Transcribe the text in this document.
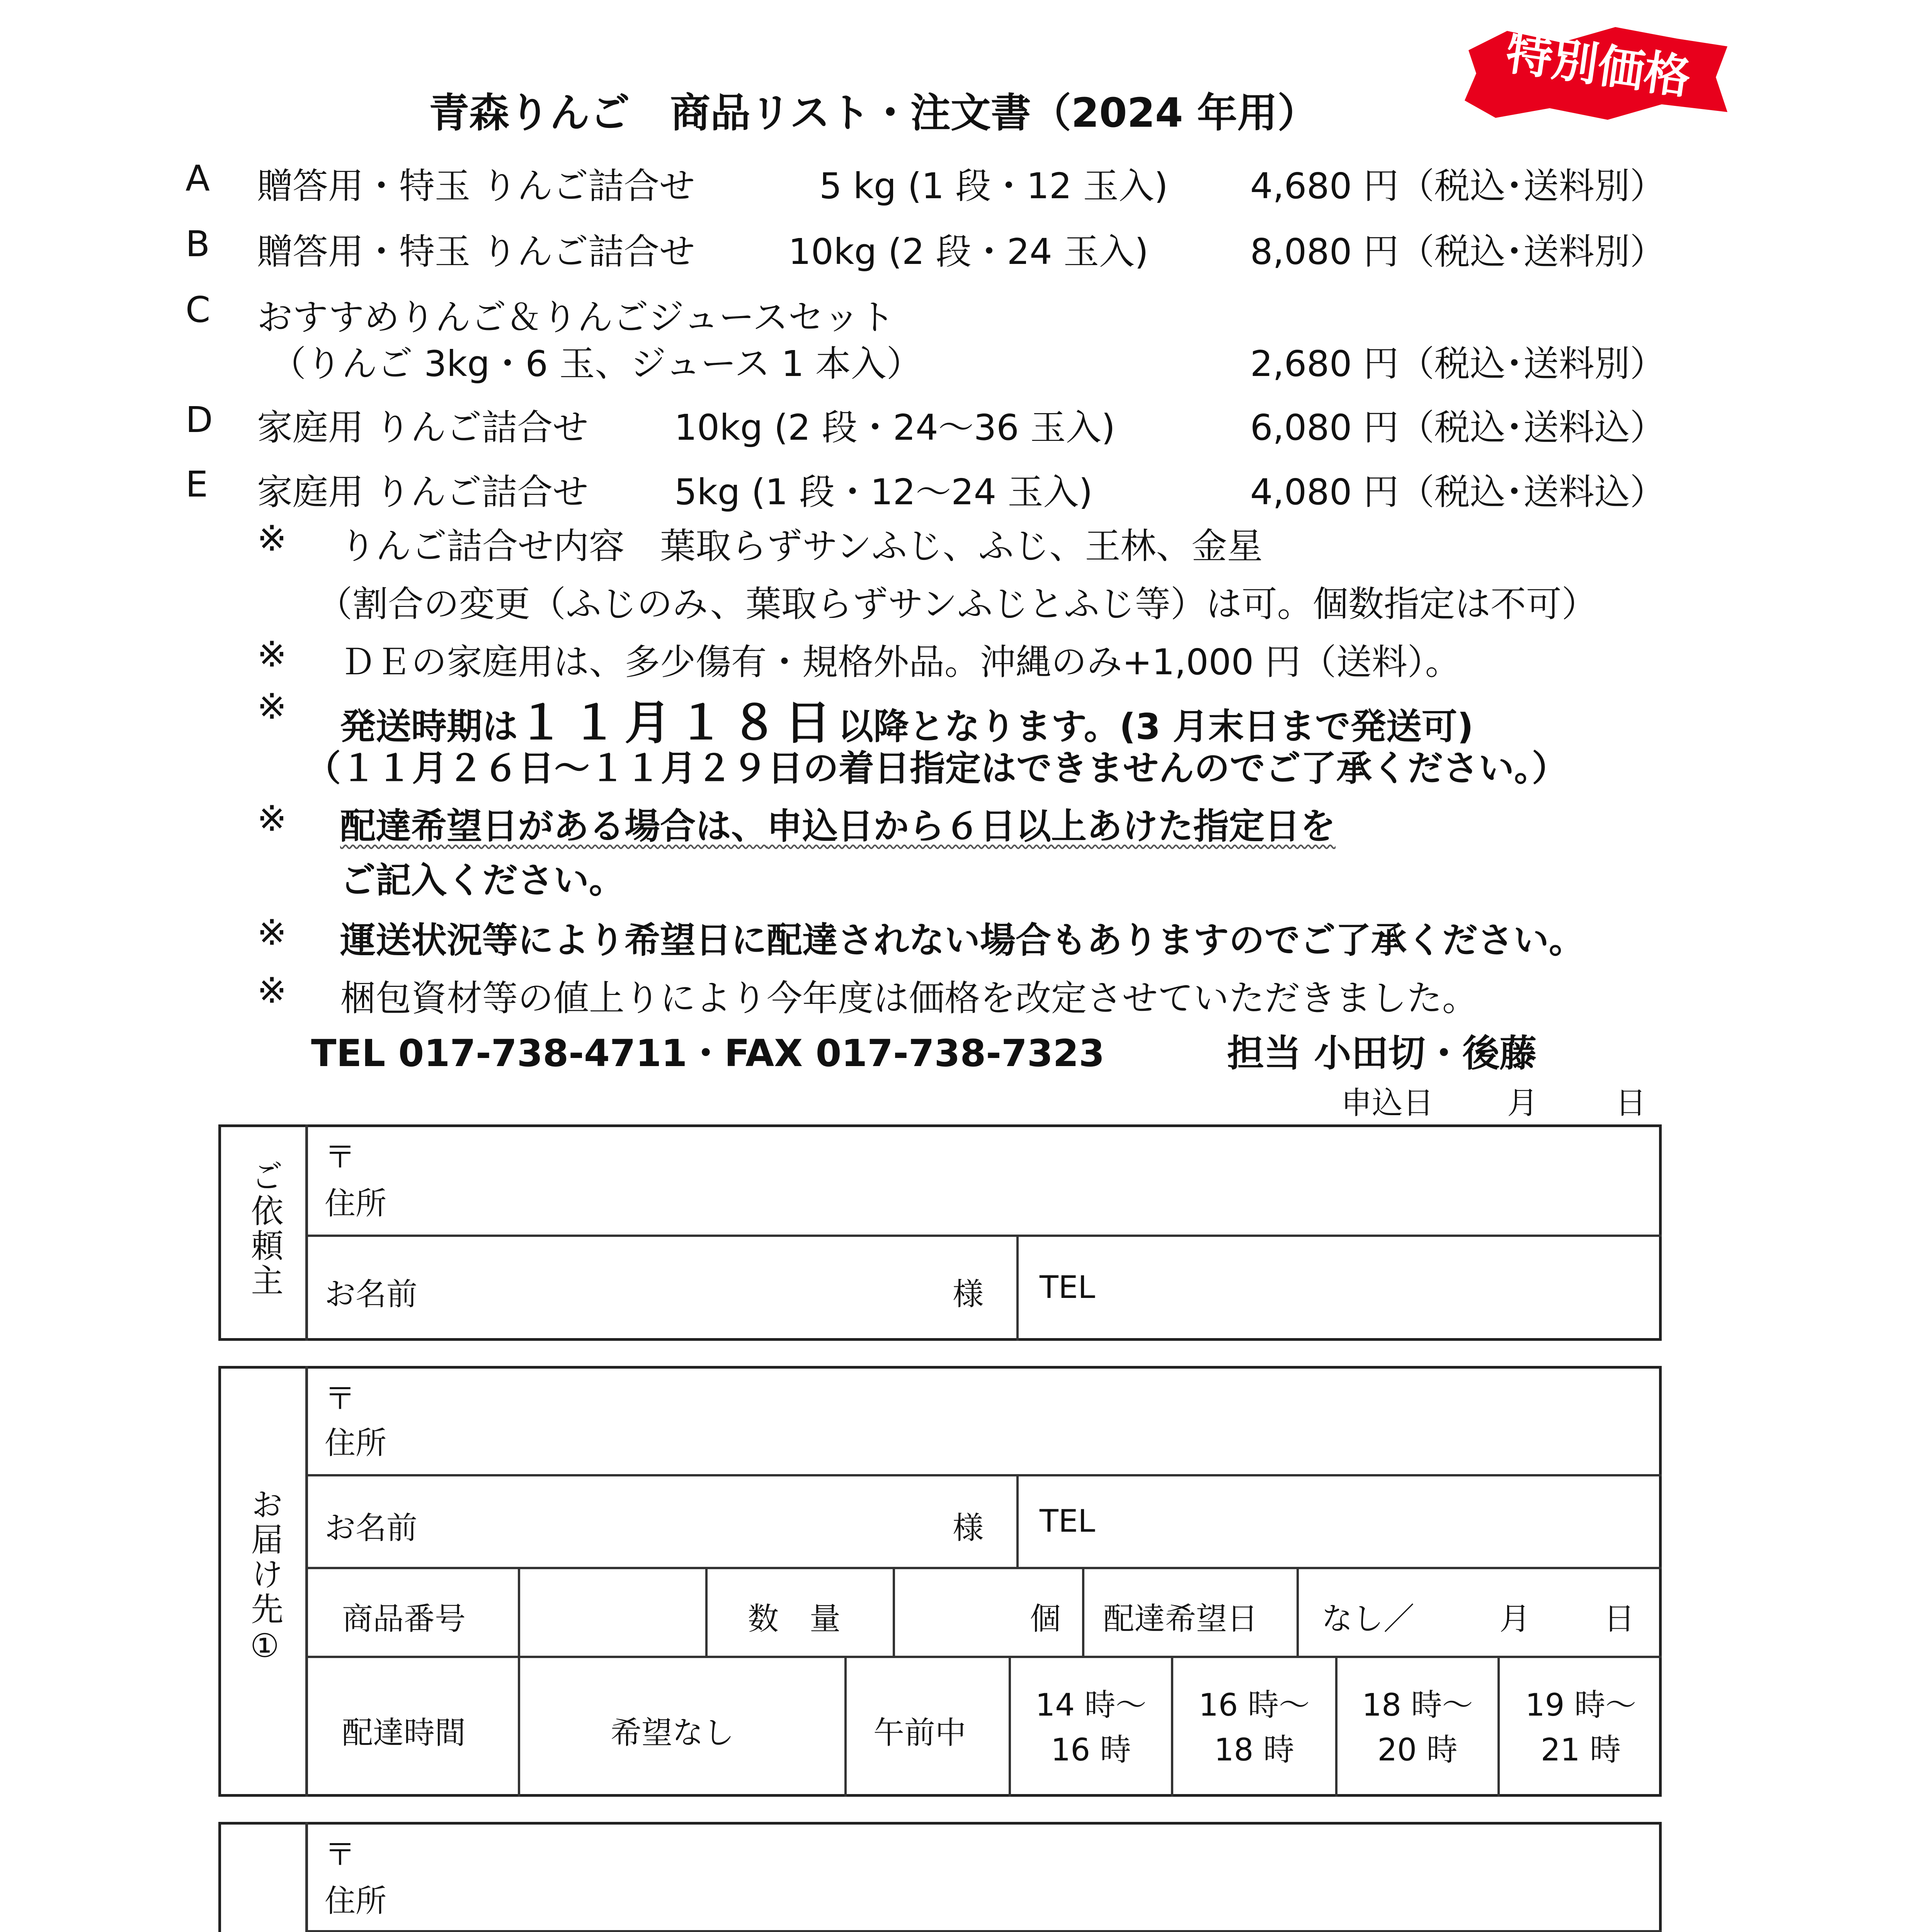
青森りんご　商品リスト・注文書（2024 年用）
特別価格
A 贈答用・特玉 りんご詰合せ	5 kg (1 段・12 玉入) 4,680 円（税込･送料別）
B 贈答用・特玉 りんご詰合せ	10kg (2 段・24 玉入)	8,080 円（税込･送料別）
C おすすめりんご＆りんごジュースセット
（りんご 3kg・6 玉、ジュース 1 本入）	2,680 円（税込･送料別）
D 家庭用 りんご詰合せ 10kg (2 段・24～36 玉入)	6,080 円（税込･送料込）
E 家庭用 りんご詰合せ 5kg (1 段・12～24 玉入)	4,080 円（税込･送料込）
※ りんご詰合せ内容　葉取らずサンふじ、ふじ、王林、金星
（割合の変更（ふじのみ、葉取らずサンふじとふじ等）は可。個数指定は不可）
※ ＤＥの家庭用は、多少傷有・規格外品。沖縄のみ+1,000 円（送料）。
※ 発送時期は１１月１８日以降となります。(3 月末日まで発送可)
（１１月２６日～１１月２９日の着日指定はできませんのでご了承ください。）
※ 配達希望日がある場合は、申込日から６日以上あけた指定日を
ご記入ください。
※ 運送状況等により希望日に配達されない場合もありますのでご了承ください。
※ 梱包資材等の値上りにより今年度は価格を改定させていただきました。
TEL 017-738-4711・FAX 017-738-7323	担当 小田切・後藤
申込日 月	日
ご依頼主
〒
住所
お名前	様 TEL
お届け先①
〒
住所
お名前	様 TEL
商品番号	数　量	個 配達希望日 なし／	月 日
配達時間	希望なし	午前中
14 時～
16 時
16 時～
18 時
18 時～
20 時
19 時～
21 時
〒
住所
